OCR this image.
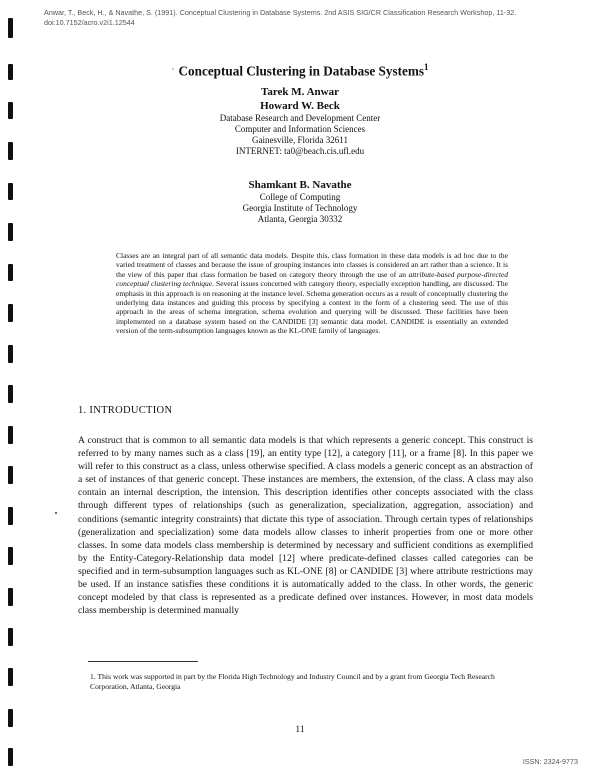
Anwar, T., Beck, H., & Navathe, S. (1991). Conceptual Clustering in Database Systems. 2nd ASIS SIG/CR Classification Research Workshop, 11-32.
doi:10.7152/acro.v2i1.12544
· Conceptual Clustering in Database Systems$^1$
Tarek M. Anwar
Howard W. Beck
Database Research and Development Center
Computer and Information Sciences
Gainesville, Florida 32611
INTERNET: ta0@beach.cis.ufl.edu
Shamkant B. Navathe
College of Computing
Georgia Institute of Technology
Atlanta, Georgia 30332
Classes are an integral part of all semantic data models. Despite this, class formation in these data models is ad hoc due to the varied treatment of classes and because the issue of grouping instances into classes is considered an art rather than a science. It is the view of this paper that class formation be based on category theory through the use of an attribute-based purpose-directed conceptual clustering technique. Several issues concerned with category theory, especially exception handling, are discussed. The emphasis in this approach is on reasoning at the instance level. Schema generation occurs as a result of conceptually clustering the underlying data instances and guiding this process by specifying a context in the form of a clustering seed. The use of this approach in the areas of schema integration, schema evolution and querying will be discussed. These facilities have been implemented on a database system based on the CANDIDE [3] semantic data model. CANDIDE is essentially an extended version of the term-subsumption languages known as the KL-ONE family of languages.
1. INTRODUCTION
A construct that is common to all semantic data models is that which represents a generic concept. This construct is referred to by many names such as a class [19], an entity type [12], a category [11], or a frame [8]. In this paper we will refer to this construct as a class, unless otherwise specified. A class models a generic concept as an abstraction of a set of instances of that generic concept. These instances are members, the extension, of the class. A class may also contain an internal description, the intension. This description identifies other concepts associated with the class through different types of relationships (such as generalization, specialization, aggregation, association) and conditions (semantic integrity constraints) that dictate this type of association. Through certain types of relationships (generalization and specialization) some data models allow classes to inherit properties from one or more other classes. In some data models class membership is determined by necessary and sufficient conditions as exemplified by the Entity-Category-Relationship data model [12] where predicate-defined classes called categories can be specified and in term-subsumption languages such as KL-ONE [8] or CANDIDE [3] where attribute restrictions may be used. If an instance satisfies these conditions it is automatically added to the class. In other words, the generic concept modeled by that class is represented as a predicate defined over instances. However, in most data models class membership is determined manually
1. This work was supported in part by the Florida High Technology and Industry Council and by a grant from Georgia Tech Research Corporation, Atlanta, Georgia
11
ISSN: 2324-9773
